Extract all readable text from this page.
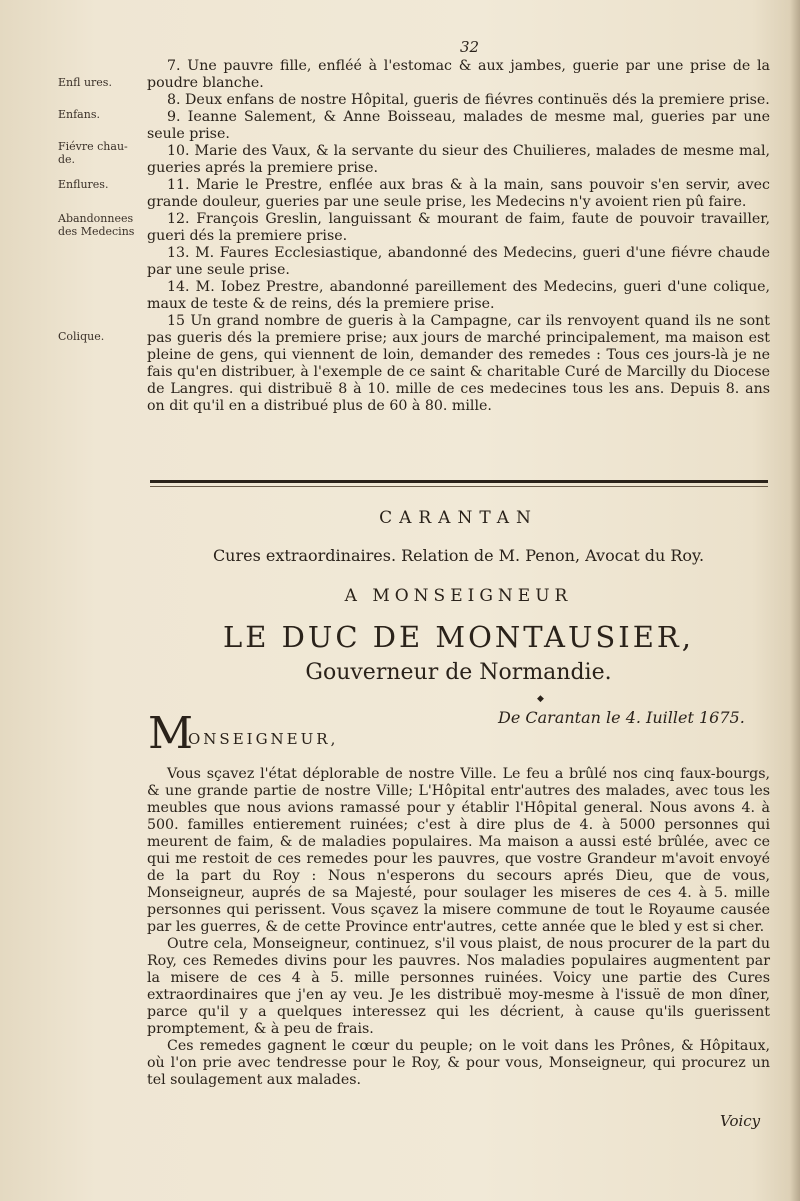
32
Enfl ures.
Enfans.
Fiévre chau-
de.
Enflures.
Abandonnees
des Medecins
Colique.

7. Une pauvre fille, enfléé à l'estomac & aux jambes, guerie par une prise de la poudre blanche.

8. Deux enfans de nostre Hôpital, gueris de fiévres continuës dés la premiere prise.

9. Ieanne Salement, & Anne Boisseau, malades de mesme mal, gueries par une seule prise.

10. Marie des Vaux, & la servante du sieur des Chuilieres, malades de mesme mal, gueries aprés la premiere prise.

11. Marie le Prestre, enflée aux bras & à la main, sans pouvoir s'en servir, avec grande douleur, gueries par une seule prise, les Medecins n'y avoient rien pû faire.

12. François Greslin, languissant & mourant de faim, faute de pouvoir travailler, gueri dés la premiere prise.

13. M. Faures Ecclesiastique, abandonné des Medecins, gueri d'une fiévre chaude par une seule prise.

14. M. Iobez Prestre, abandonné pareillement des Medecins, gueri d'une colique, maux de teste & de reins, dés la premiere prise.

15 Un grand nombre de gueris à la Campagne, car ils renvoyent quand ils ne sont pas gueris dés la premiere prise; aux jours de marché principalement, ma maison est pleine de gens, qui viennent de loin, demander des remedes : Tous ces jours-là je ne fais qu'en distribuer, à l'exemple de ce saint & charitable Curé de Marcilly du Diocese de Langres. qui distribuë 8 à 10. mille de ces medecines tous les ans. Depuis 8. ans on dit qu'il en a distribué plus de 60 à 80. mille.

CARANTAN
Cures extraordinaires. Relation de M. Penon, Avocat du Roy.
A MONSEIGNEUR
LE DUC DE MONTAUSIER,
Gouverneur de Normandie.
◆
De Carantan le 4. Iuillet 1675.
M
ONSEIGNEUR,

Vous sçavez l'état déplorable de nostre Ville. Le feu a brûlé nos cinq faux-bourgs, & une grande partie de nostre Ville; L'Hôpital entr'autres des malades, avec tous les meubles que nous avions ramassé pour y établir l'Hôpital general. Nous avons 4. à 500. familles entierement ruinées; c'est à dire plus de 4. à 5000 personnes qui meurent de faim, & de maladies populaires. Ma maison a aussi esté brûlée, avec ce qui me restoit de ces remedes pour les pauvres, que vostre Grandeur m'avoit envoyé de la part du Roy : Nous n'esperons du secours aprés Dieu, que de vous, Monseigneur, auprés de sa Majesté, pour soulager les miseres de ces 4. à 5. mille personnes qui perissent. Vous sçavez la misere commune de tout le Royaume causée par les guerres, & de cette Province entr'autres, cette année que le bled y est si cher.

Outre cela, Monseigneur, continuez, s'il vous plaist, de nous procurer de la part du Roy, ces Remedes divins pour les pauvres. Nos maladies populaires augmentent par la misere de ces 4 à 5. mille personnes ruinées. Voicy une partie des Cures extraordinaires que j'en ay veu. Je les distribuë moy-mesme à l'issuë de mon dîner, parce qu'il y a quelques interessez qui les décrient, à cause qu'ils guerissent promptement, & à peu de frais.

Ces remedes gagnent le cœur du peuple; on le voit dans les Prônes, & Hôpitaux, où l'on prie avec tendresse pour le Roy, & pour vous, Monseigneur, qui procurez un tel soulagement aux malades.

Voicy
